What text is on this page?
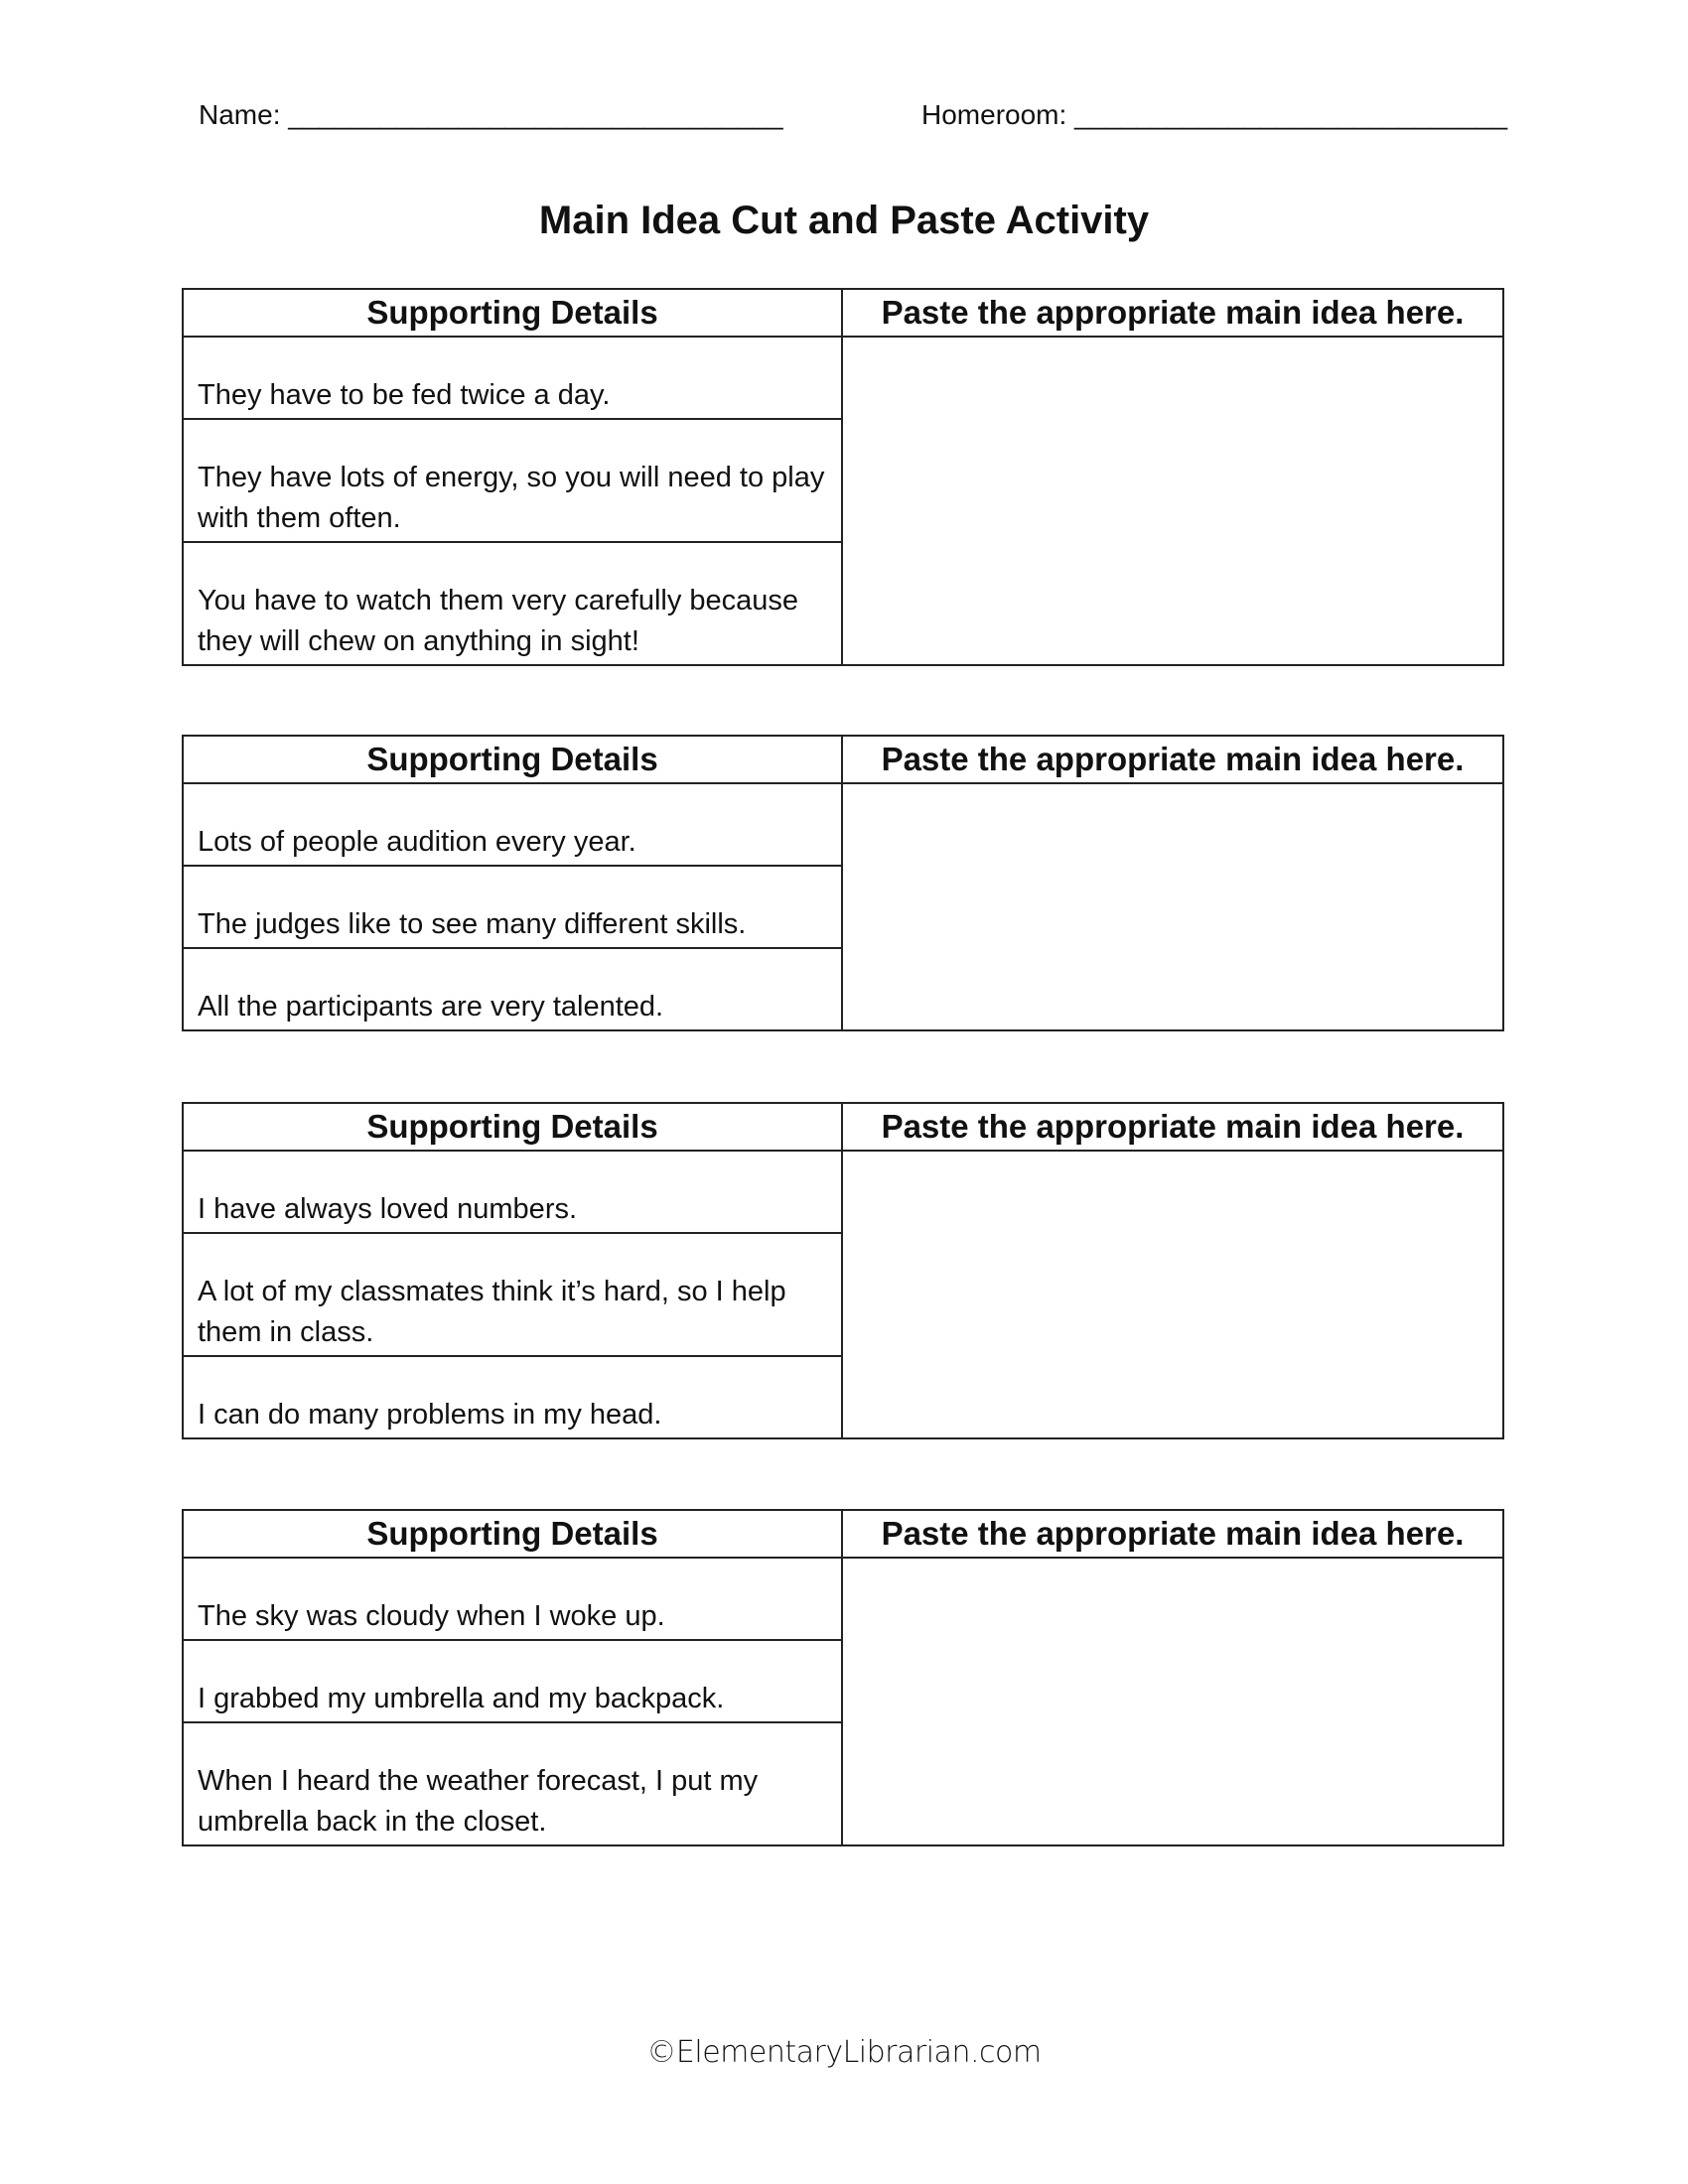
Name: ________________________________	Homeroom: ____________________________
Main Idea Cut and Paste Activity
Supporting Details	Paste the appropriate main idea here.
They have to be fed twice a day.	
They have lots of energy, so you will need to play with them often.	
You have to watch them very carefully because they will chew on anything in sight!	
Supporting Details	Paste the appropriate main idea here.
Lots of people audition every year.	
The judges like to see many different skills.	
All the participants are very talented.	
Supporting Details	Paste the appropriate main idea here.
I have always loved numbers.	
A lot of my classmates think it’s hard, so I help them in class.	
I can do many problems in my head.	
Supporting Details	Paste the appropriate main idea here.
The sky was cloudy when I woke up.	
I grabbed my umbrella and my backpack.	
When I heard the weather forecast, I put my umbrella back in the closet.	
©ElementaryLibrarian.com
